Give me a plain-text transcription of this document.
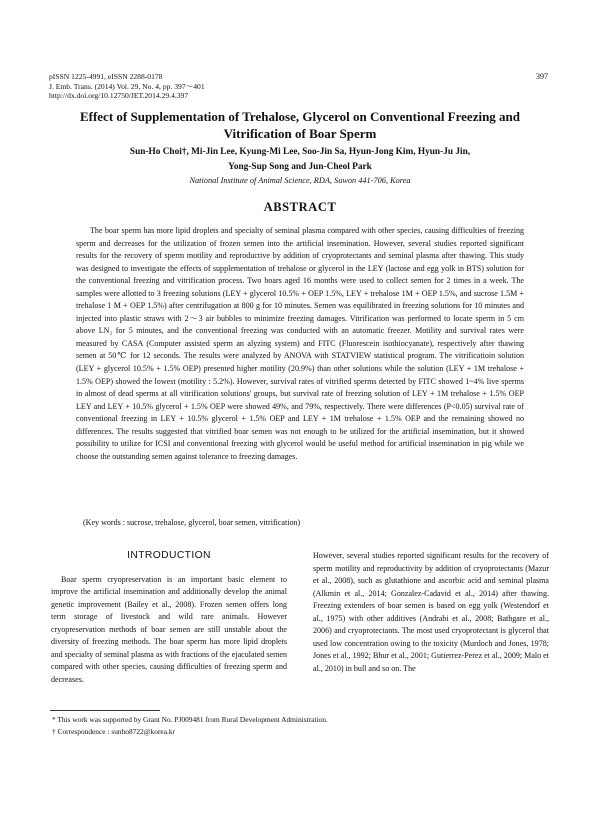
pISSN 1225-4991, eISSN 2288-0178
J. Emb. Trans. (2014) Vol. 29, No. 4, pp. 397～401
http://dx.doi.org/10.12750/JET.2014.29.4.397
397
Effect of Supplementation of Trehalose, Glycerol on Conventional Freezing and
Vitrification of Boar Sperm
Sun-Ho Choi†, Mi-Jin Lee, Kyung-Mi Lee, Soo-Jin Sa, Hyun-Jong Kim, Hyun-Ju Jin,
Yong-Sup Song and Jun-Cheol Park
National Institute of Animal Science, RDA, Suwon 441-706, Korea
ABSTRACT

The boar sperm has more lipid droplets and specialty of seminal plasma compared with other species, causing difficulties of freezing sperm and decreases for the utilization of frozen semen into the artificial insemination. However, several studies reported significant results for the recovery of sperm motility and reproductive by addition of cryoprotectants and seminal plasma after thawing. This study was designed to investigate the effects of supplementation of trehalose or glycerol in the LEY (lactose and egg yolk in BTS) solution for the conventional freezing and vitrification process. Two boars aged 16 months were used to collect semen for 2 times in a week. The samples were allotted to 3 freezing solutions (LEY + glycerol 10.5% + OEP 1.5%, LEY + trehalose 1M + OEP 1.5%, and sucrose 1.5M + trehalose 1 M + OEP 1.5%) after centrifugation at 800 g for 10 minutes. Semen was equilibrated in freezing solutions for 10 minutes and injected into plastic straws with 2～3 air bubbles to minimize freezing damages. Vitrification was performed to locate sperm in 5 cm above LN₂ for 5 minutes, and the conventional freezing was conducted with an automatic freezer. Motility and survival rates were measured by CASA (Computer assisted sperm an alyzing system) and FITC (Fluorescein isothiocyanate), respectively after thawing semen at 50℃ for 12 seconds. The results were analyzed by ANOVA with STATVIEW statistical program. The vitrificatioin solution (LEY + glycerol 10.5% + 1.5% OEP) presented higher motility (20.9%) than other solutions while the solution (LEY + 1M trehalose + 1.5% OEP) showed the lowest (motility : 5.2%). However, survival rates of vitrified sperms detected by FITC showed 1~4% live sperms in almost of dead sperms at all vitrification solutions' groups, but survival rate of freezing solution of LEY + 1M trehalose + 1.5% OEP LEY and LEY + 10.5% glycerol + 1.5% OEP were showed 49%, and 79%, respectively. There were differences (P<0.05) survival rate of conventional freezing in LEY + 10.5% glycerol + 1.5% OEP and LEY + 1M trehalose + 1.5% OEP and the remaining showed no differences. The results suggested that vitrified boar semen was not enough to be utilized for the artificial insemination, but it showed possibility to utilize for ICSI and conventional freezing with glycerol would be useful method for artificial insemination in pig while we choose the outstanding semen against tolerance to freezing damages.

(Key words : sucrose, trehalose, glycerol, boar semen, vitrification)
INTRODUCTION

Boar sperm cryopreservation is an important basic element to improve the artificial insemination and additionally develop the animal genetic improvement (Bailey et al., 2008). Frozen semen offers long term storage of livestock and wild rare animals. However cryopreservation methods of boar semen are still unstable about the diversity of freezing methods. The boar sperm has more lipid droplets and specialty of seminal plasma as with fractions of the ejaculated semen compared with other species, causing difficulties of freezing sperm and decreases.

However, several studies reported significant results for the recovery of sperm motility and reproductivity by addition of cryoprotectants (Mazur et al., 2008), such as glutathione and ascorbic acid and seminal plasma (Alkmin et al., 2014; Gonzalez-Cadavid et al., 2014) after thawing. Freezing extenders of boar semen is based on egg yolk (Westendorf et al., 1975) with other additives (Andrabi et al., 2008; Bathgare et al., 2006) and cryoprotectants. The most used cryoprotectant is glycerol that used low concentration owing to the toxicity (Murdoch and Jones, 1978; Jones et al., 1992; Bhur et al., 2001; Gutierrez-Perez et al., 2009; Malo et al., 2010) in bull and so on. The

* This work was supported by Grant No. PJ009481 from Rural Development Administration.
† Correspondence : sunho8722@korea.kr
